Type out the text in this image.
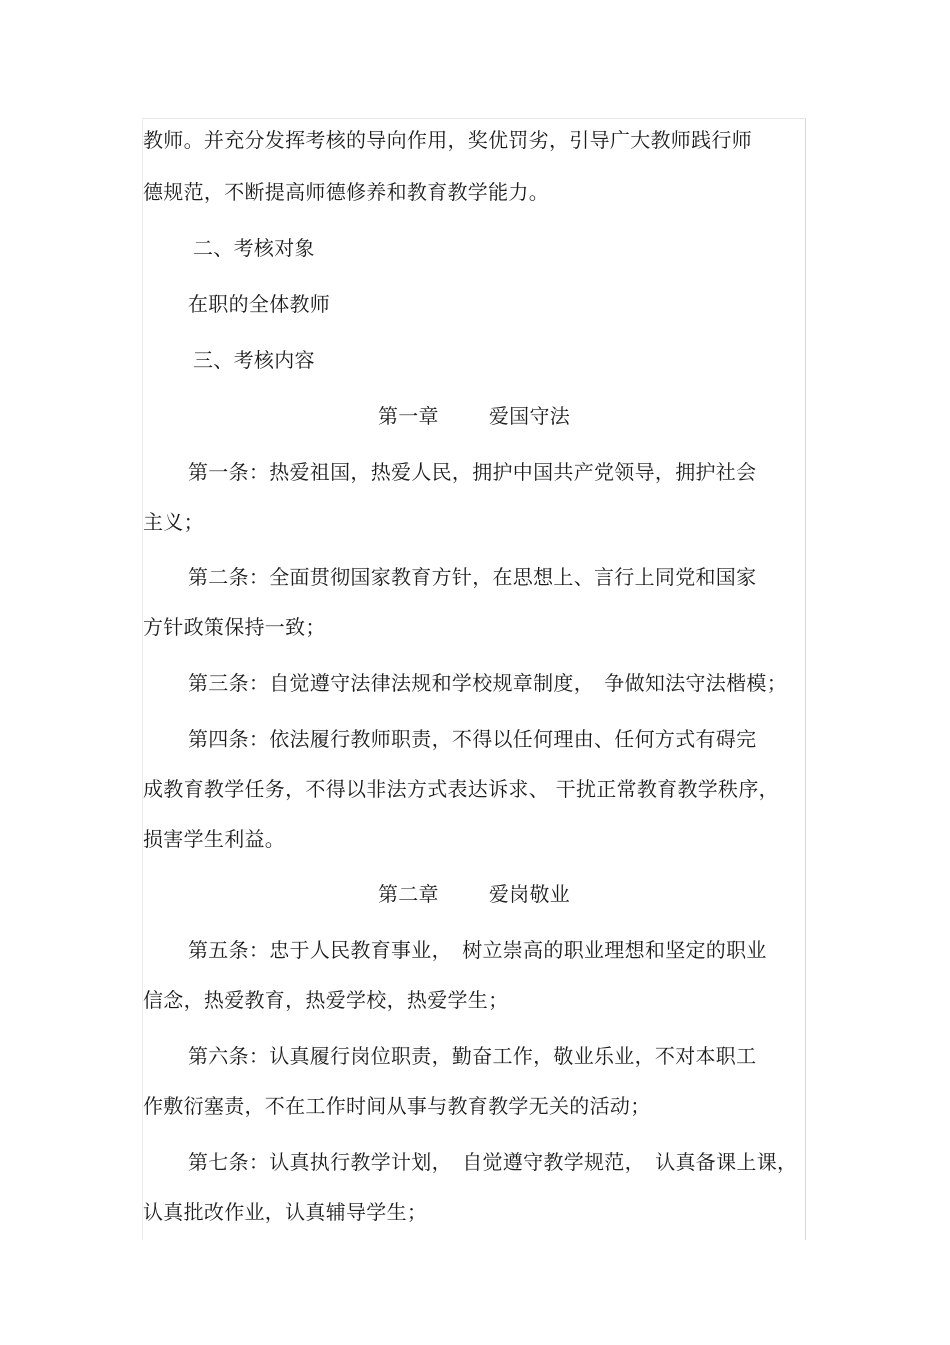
教师。并充分发挥考核的导向作用，奖优罚劣，引导广大教师践行师
德规范，不断提高师德修养和教育教学能力。
二、考核对象
在职的全体教师
三、考核内容
第一章	爱国守法
第一条：热爱祖国，热爱人民，拥护中国共产党领导，拥护社会
主义；
第二条：全面贯彻国家教育方针，在思想上、言行上同党和国家
方针政策保持一致；
第三条：自觉遵守法律法规和学校规章制度，　争做知法守法楷模；
第四条：依法履行教师职责，不得以任何理由、任何方式有碍完
成教育教学任务，不得以非法方式表达诉求、 干扰正常教育教学秩序，
损害学生利益。
第二章	爱岗敬业
第五条：忠于人民教育事业，　树立崇高的职业理想和坚定的职业
信念，热爱教育，热爱学校，热爱学生；
第六条：认真履行岗位职责，勤奋工作，敬业乐业，不对本职工
作敷衍塞责，不在工作时间从事与教育教学无关的活动；
第七条：认真执行教学计划，　自觉遵守教学规范，　认真备课上课，
认真批改作业，认真辅导学生；
